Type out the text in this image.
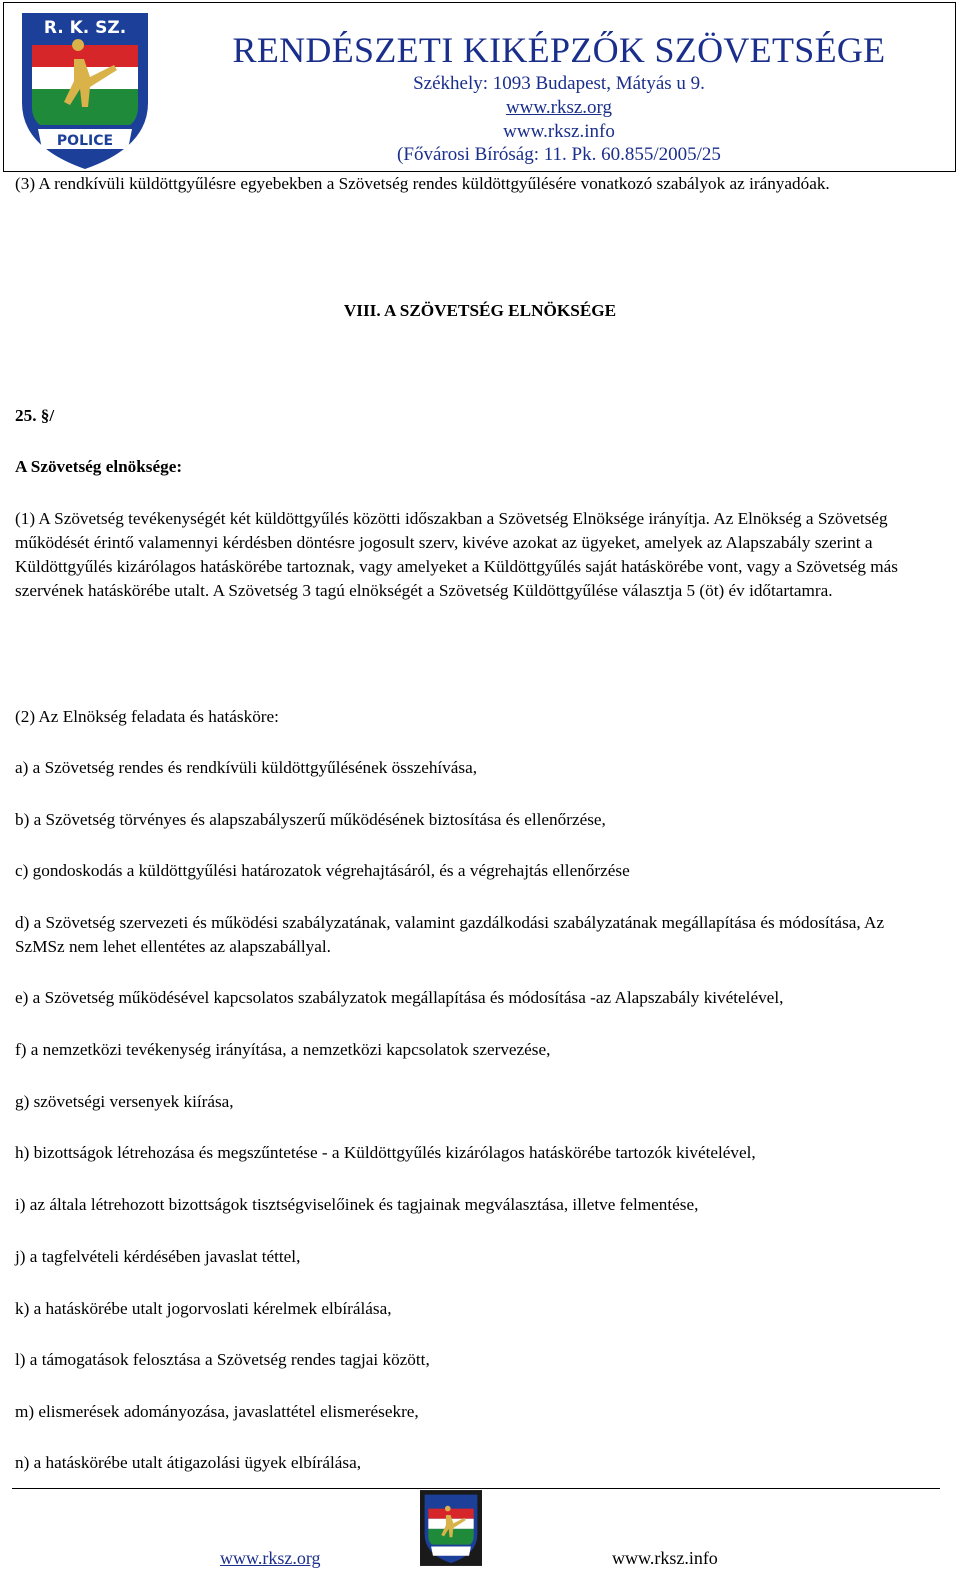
R. K. SZ.
POLICE
RENDÉSZETI KIKÉPZŐK SZÖVETSÉGE
Székhely: 1093 Budapest, Mátyás u 9.
www.rksz.org
www.rksz.info
(Fővárosi Bíróság: 11. Pk. 60.855/2005/25

(3) A rendkívüli küldöttgyűlésre egyebekben a Szövetség rendes küldöttgyűlésére vonatkozó szabályok az irányadóak.

VIII. A SZÖVETSÉG ELNÖKSÉGE

25. §/

A Szövetség elnöksége:

(1) A Szövetség tevékenységét két küldöttgyűlés közötti időszakban a Szövetség Elnöksége irányítja. Az Elnökség a Szövetség működését érintő valamennyi kérdésben döntésre jogosult szerv, kivéve azokat az ügyeket, amelyek az Alapszabály szerint a Küldöttgyűlés kizárólagos hatáskörébe tartoznak, vagy amelyeket a Küldöttgyűlés saját hatáskörébe vont, vagy a Szövetség más szervének hatáskörébe utalt. A Szövetség 3 tagú elnökségét a Szövetség Küldöttgyűlése választja 5 (öt) év időtartamra.

(2) Az Elnökség feladata és hatásköre:

a) a Szövetség rendes és rendkívüli küldöttgyűlésének összehívása,

b) a Szövetség törvényes és alapszabályszerű működésének biztosítása és ellenőrzése,

c) gondoskodás a küldöttgyűlési határozatok végrehajtásáról, és a végrehajtás ellenőrzése

d) a Szövetség szervezeti és működési szabályzatának, valamint gazdálkodási szabályzatának megállapítása és módosítása, Az SzMSz nem lehet ellentétes az alapszabállyal.

e) a Szövetség működésével kapcsolatos szabályzatok megállapítása és módosítása -az Alapszabály kivételével,

f) a nemzetközi tevékenység irányítása, a nemzetközi kapcsolatok szervezése,

g) szövetségi versenyek kiírása,

h) bizottságok létrehozása és megszűntetése - a Küldöttgyűlés kizárólagos hatáskörébe tartozók kivételével,

i) az általa létrehozott bizottságok tisztségviselőinek és tagjainak megválasztása, illetve felmentése,

j) a tagfelvételi kérdésében javaslat téttel,

k) a hatáskörébe utalt jogorvoslati kérelmek elbírálása,

l) a támogatások felosztása a Szövetség rendes tagjai között,

m) elismerések adományozása, javaslattétel elismerésekre,

n) a hatáskörébe utalt átigazolási ügyek elbírálása,

www.rksz.org	www.rksz.info
